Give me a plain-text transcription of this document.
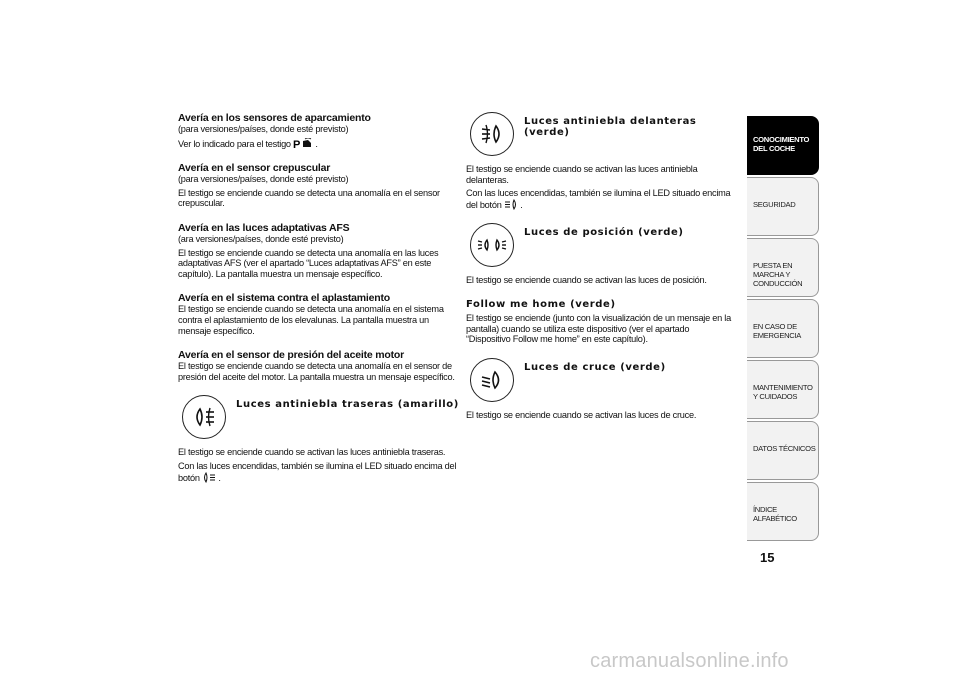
Avería en los sensores de aparcamiento
(para versiones/países, donde esté previsto)
Ver lo indicado para el testigo P .
Avería en el sensor crepuscular
(para versiones/países, donde esté previsto)
El testigo se enciende cuando se detecta una anomalía en el sensor crepuscular.
Avería en las luces adaptativas AFS
(ara versiones/países, donde esté previsto)
El testigo se enciende cuando se detecta una anomalía en las luces adaptativas AFS (ver el apartado “Luces adaptativas AFS” en este capítulo). La pantalla muestra un mensaje específico.
Avería en el sistema contra el aplastamiento
El testigo se enciende cuando se detecta una anomalía en el sistema contra el aplastamiento de los elevalunas. La pantalla muestra un mensaje específico.
Avería en el sensor de presión del aceite motor
El testigo se enciende cuando se detecta una anomalía en el sensor de presión del aceite del motor. La pantalla muestra un mensaje específico.
Luces antiniebla traseras (amarillo)
El testigo se enciende cuando se activan las luces antiniebla traseras.
Con las luces encendidas, también se ilumina el LED situado encima del botón .
Luces antiniebla delanteras (verde)
El testigo se enciende cuando se activan las luces antiniebla delanteras.
Con las luces encendidas, también se ilumina el LED situado encima del botón .
Luces de posición (verde)
El testigo se enciende cuando se activan las luces de posición.
Follow me home (verde)
El testigo se enciende (junto con la visualización de un mensaje en la pantalla) cuando se utiliza este dispositivo (ver el apartado “Dispositivo Follow me home” en este capítulo).
Luces de cruce (verde)
El testigo se enciende cuando se activan las luces de cruce.
CONOCIMIENTO DEL COCHE
SEGURIDAD
PUESTA EN MARCHA Y CONDUCCIÓN
EN CASO DE EMERGENCIA
MANTENIMIENTO Y CUIDADOS
DATOS TÉCNICOS
ÍNDICE ALFABÉTICO
15
carmanualsonline.info
